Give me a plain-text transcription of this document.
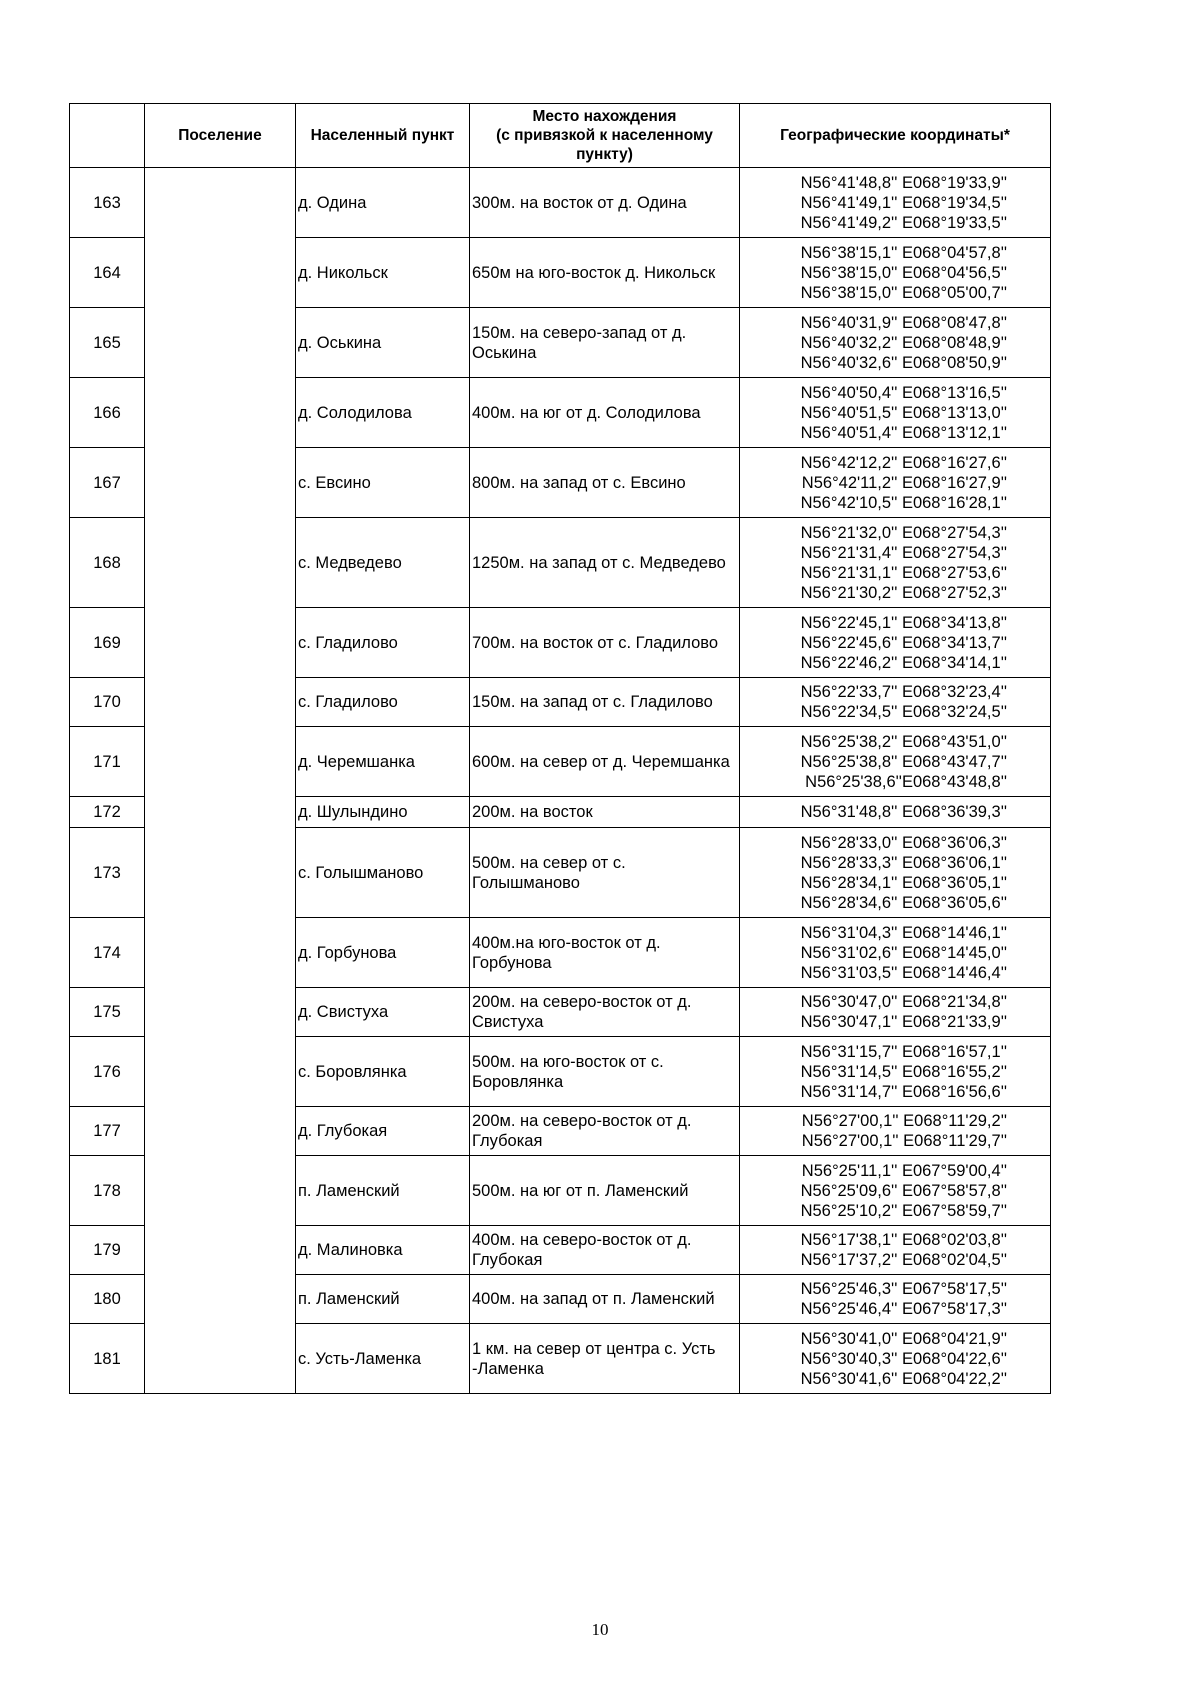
	Поселение	Населенный пункт	Место нахождения
(с привязкой к населенному
пункту)	Географические координаты*
163		д. Одина	300м. на восток от д. Одина	N56°41'48,8'' E068°19'33,9''
N56°41'49,1'' E068°19'34,5''
N56°41'49,2'' E068°19'33,5''

164		д. Никольск	650м на юго-восток д. Никольск	N56°38'15,1'' E068°04'57,8''
N56°38'15,0'' E068°04'56,5''
N56°38'15,0'' E068°05'00,7''

165		д. Оськина	150м. на северо-запад от д. Оськина	N56°40'31,9'' E068°08'47,8''
N56°40'32,2'' E068°08'48,9''
N56°40'32,6'' E068°08'50,9''

166		д. Солодилова	400м. на юг от д. Солодилова	N56°40'50,4'' E068°13'16,5''
N56°40'51,5'' E068°13'13,0''
N56°40'51,4'' E068°13'12,1''

167		с. Евсино	800м. на запад от с. Евсино	N56°42'12,2'' E068°16'27,6''
N56°42'11,2'' E068°16'27,9''
N56°42'10,5'' E068°16'28,1''

168		с. Медведево	1250м. на запад от с. Медведево	N56°21'32,0'' E068°27'54,3''
N56°21'31,4'' E068°27'54,3''
N56°21'31,1'' E068°27'53,6''
N56°21'30,2'' E068°27'52,3''

169		с. Гладилово	700м. на восток от с. Гладилово	N56°22'45,1'' E068°34'13,8''
N56°22'45,6'' E068°34'13,7''
N56°22'46,2'' E068°34'14,1''

170		с. Гладилово	150м. на запад от с. Гладилово	N56°22'33,7'' E068°32'23,4''
N56°22'34,5'' E068°32'24,5''

171		д. Черемшанка	600м. на север от д. Черемшанка	N56°25'38,2'' E068°43'51,0''
N56°25'38,8'' E068°43'47,7''
N56°25'38,6''E068°43'48,8''

172		д. Шулындино	200м. на восток	N56°31'48,8'' E068°36'39,3''

173		с. Голышманово	500м. на север от с. Голышманово	N56°28'33,0'' E068°36'06,3''
N56°28'33,3'' E068°36'06,1''
N56°28'34,1'' E068°36'05,1''
N56°28'34,6'' E068°36'05,6''

174		д. Горбунова	400м.на юго-восток от д. Горбунова	N56°31'04,3'' E068°14'46,1''
N56°31'02,6'' E068°14'45,0''
N56°31'03,5'' E068°14'46,4''

175		д. Свистуха	200м. на северо-восток от д. Свистуха	N56°30'47,0'' E068°21'34,8''
N56°30'47,1'' E068°21'33,9''

176		с. Боровлянка	500м. на юго-восток от с. Боровлянка	N56°31'15,7'' E068°16'57,1''
N56°31'14,5'' E068°16'55,2''
N56°31'14,7'' E068°16'56,6''

177		д. Глубокая	200м. на северо-восток от д. Глубокая	N56°27'00,1'' E068°11'29,2''
N56°27'00,1'' E068°11'29,7''

178		п. Ламенский	500м. на юг от п. Ламенский	N56°25'11,1'' E067°59'00,4''
N56°25'09,6'' E067°58'57,8''
N56°25'10,2'' E067°58'59,7''

179		д. Малиновка	400м. на северо-восток от д. Глубокая	N56°17'38,1'' E068°02'03,8''
N56°17'37,2'' E068°02'04,5''

180		п. Ламенский	400м. на запад от п. Ламенский	N56°25'46,3'' E067°58'17,5''
N56°25'46,4'' E067°58'17,3''

181		с. Усть-Ламенка	1 км. на север от центра с. Усть -Ламенка	N56°30'41,0'' E068°04'21,9''
N56°30'40,3'' E068°04'22,6''
N56°30'41,6'' E068°04'22,2''
10
